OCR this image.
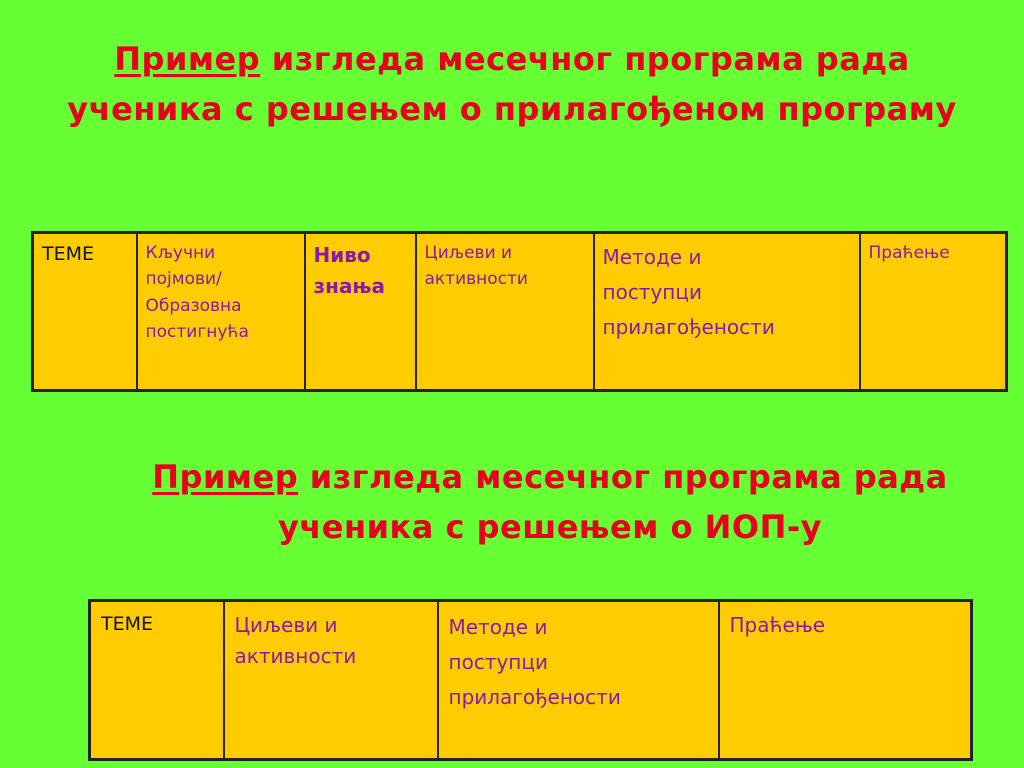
Пример изгледа месечног програма рада ученика с решењем о прилагођеном програму
ТЕМЕ	Кључни
појмови/
Образовна
постигнућа

Ниво
знања

Циљеви и
активности

Методе и
поступци
прилагођености

Праћење
Пример изгледа месечног програма рада ученика с решењем о ИОП-у
ТЕМЕ	Циљеви и
активности

Методе и
поступци
прилагођености

Праћење
